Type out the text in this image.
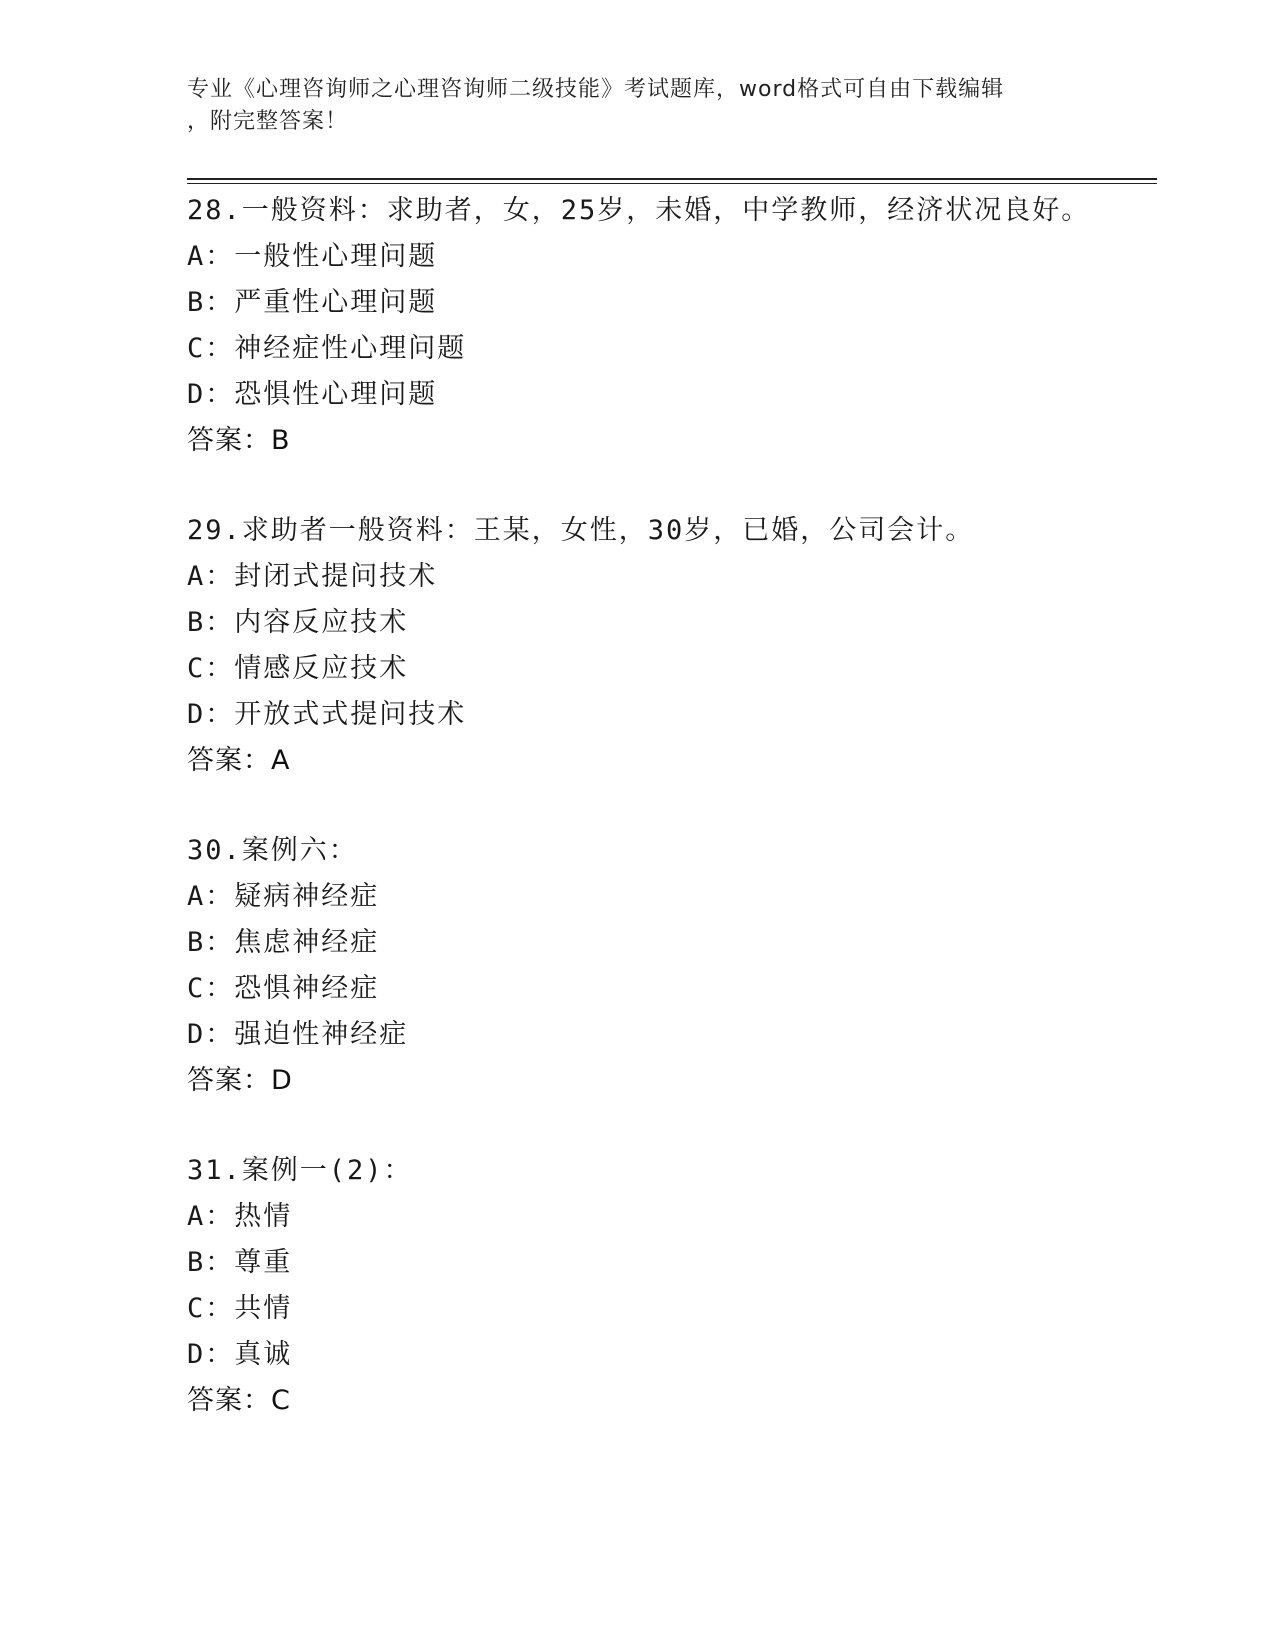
专业《心理咨询师之心理咨询师二级技能》考试题库，word格式可自由下载编辑
，附完整答案！
28.一般资料：求助者，女，25岁，未婚，中学教师，经济状况良好。
A：一般性心理问题
B：严重性心理问题
C：神经症性心理问题
D：恐惧性心理问题
答案：B
29.求助者一般资料：王某，女性，30岁，已婚，公司会计。
A：封闭式提问技术
B：内容反应技术
C：情感反应技术
D：开放式式提问技术
答案：A
30.案例六：
A：疑病神经症
B：焦虑神经症
C：恐惧神经症
D：强迫性神经症
答案：D
31.案例一(2)：
A：热情
B：尊重
C：共情
D：真诚
答案：C
